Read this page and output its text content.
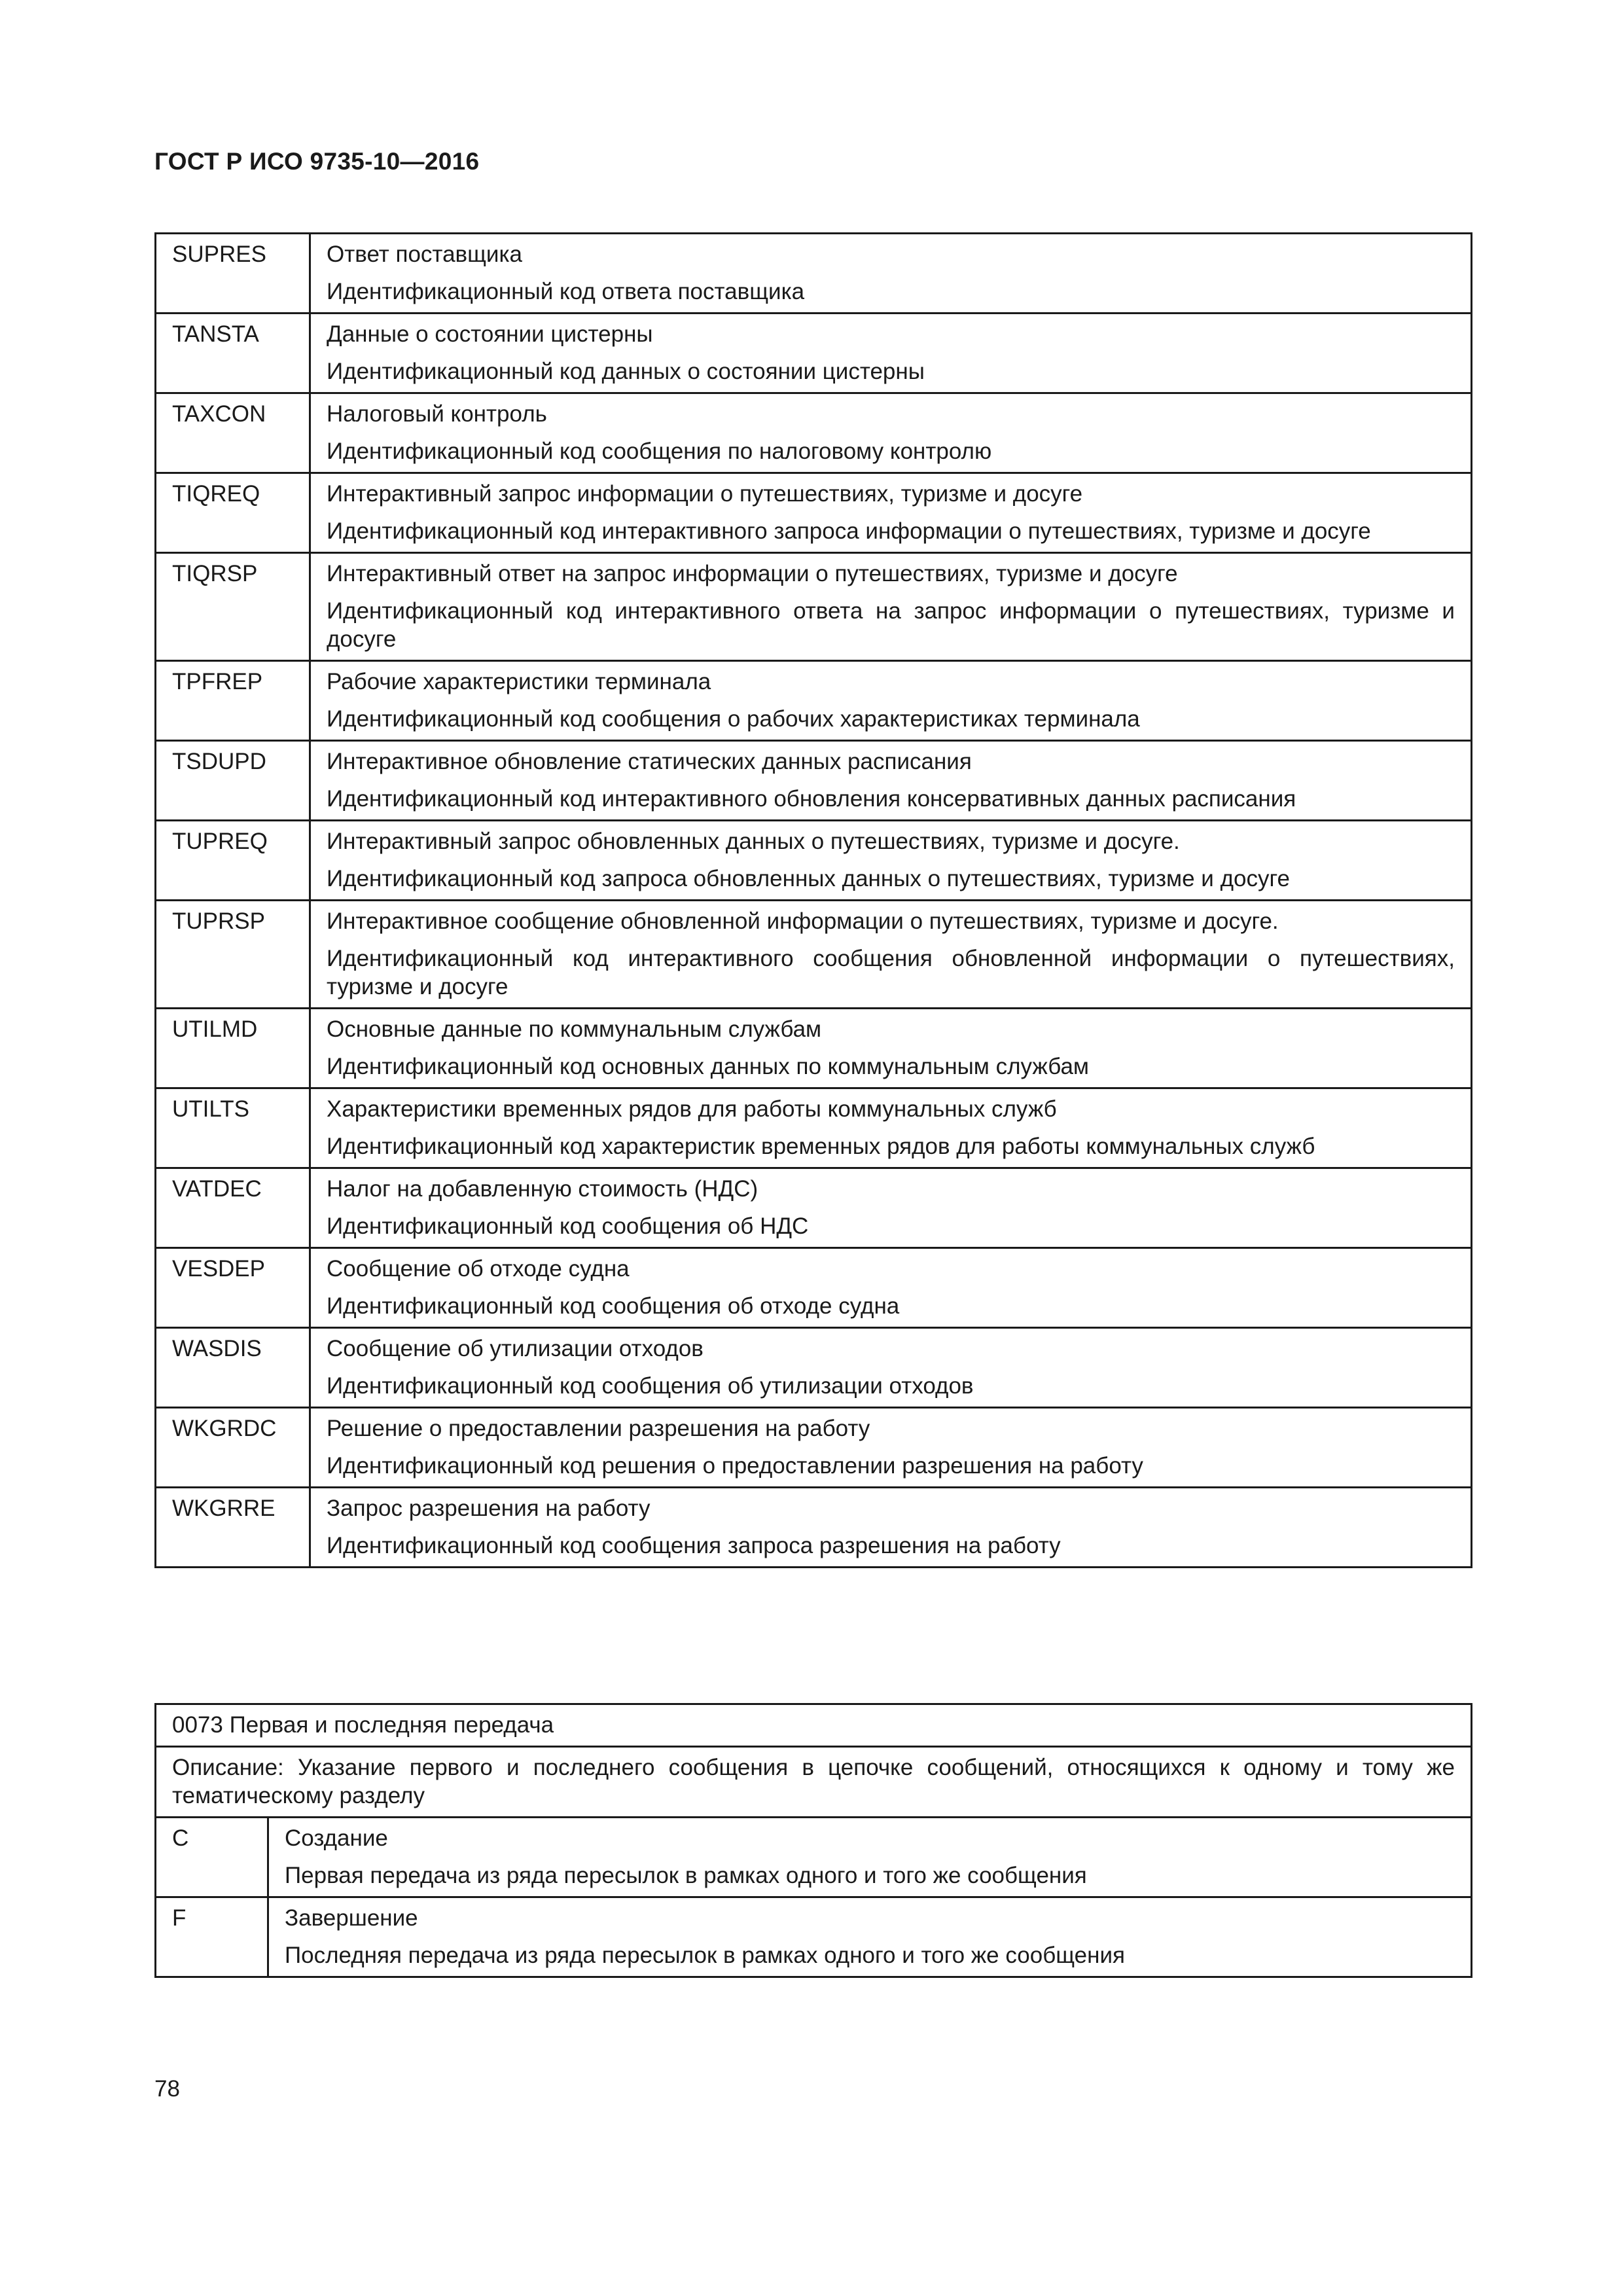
ГОСТ Р ИСО 9735-10—2016
SUPRES	Ответ поставщика
Идентификационный код ответа поставщика

TANSTA	Данные о состоянии цистерны
Идентификационный код данных о состоянии цистерны

TAXCON	Налоговый контроль
Идентификационный код сообщения по налоговому контролю

TIQREQ	Интерактивный запрос информации о путешествиях, туризме и досуге
Идентификационный код интерактивного запроса информации о путешествиях, туризме и досуге

TIQRSP	Интерактивный ответ на запрос информации о путешествиях, туризме и досуге
Идентификационный код интерактивного ответа на запрос информации о путешествиях, туризме и досуге

TPFREP	Рабочие характеристики терминала
Идентификационный код сообщения о рабочих характеристиках терминала

TSDUPD	Интерактивное обновление статических данных расписания
Идентификационный код интерактивного обновления консервативных данных расписания

TUPREQ	Интерактивный запрос обновленных данных о путешествиях, туризме и досуге.
Идентификационный код запроса обновленных данных о путешествиях, туризме и досуге

TUPRSP	Интерактивное сообщение обновленной информации о путешествиях, туризме и досуге.
Идентификационный код интерактивного сообщения обновленной информации о путешествиях, туризме и досуге

UTILMD	Основные данные по коммунальным службам
Идентификационный код основных данных по коммунальным службам

UTILTS	Характеристики временных рядов для работы коммунальных служб
Идентификационный код характеристик временных рядов для работы коммунальных служб

VATDEC	Налог на добавленную стоимость (НДС)
Идентификационный код сообщения об НДС

VESDEP	Сообщение об отходе судна
Идентификационный код сообщения об отходе судна

WASDIS	Сообщение об утилизации отходов
Идентификационный код сообщения об утилизации отходов

WKGRDC	Решение о предоставлении разрешения на работу
Идентификационный код решения о предоставлении разрешения на работу

WKGRRE	Запрос разрешения на работу
Идентификационный код сообщения запроса разрешения на работу
0073 Первая и последняя передача	
Описание: Указание первого и последнего сообщения в цепочке сообщений, относящихся к одному и тому же тематическому разделу	
C	Создание
Первая передача из ряда пересылок в рамках одного и того же сообщения
F	Завершение
Последняя передача из ряда пересылок в рамках одного и того же сообщения
78
